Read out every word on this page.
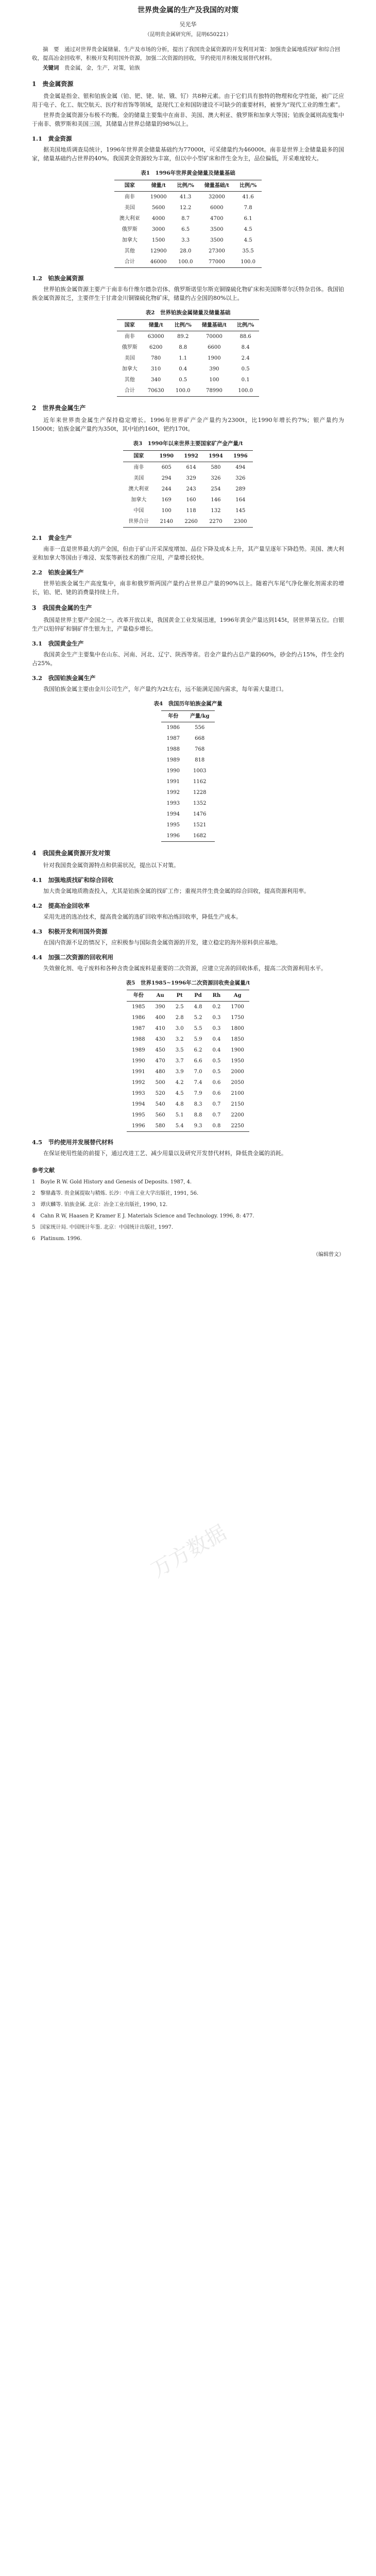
万方数据
世界贵金属的生产及我国的对策
吴光华
（昆明贵金属研究所，昆明650221）

摘　要　通过对世界贵金属储量、生产及市场的分析，提出了我国贵金属资源的开发利用对策：加强贵金属地质找矿和综合回收，提高冶金回收率，积极开发利用国外资源，加强二次资源的回收，节约使用并积极发展替代材料。

关键词　 贵金属，金，生产，对策，铂族

1　贵金属资源

贵金属是指金、银和铂族金属（铂、钯、铑、铱、锇、钌）共8种元素。由于它们具有独特的物理和化学性能，被广泛应用于电子、化工、航空航天、医疗和首饰等领域，是现代工业和国防建设不可缺少的重要材料，被誉为“现代工业的维生素”。

世界贵金属资源分布极不均衡。金的储量主要集中在南非、美国、澳大利亚、俄罗斯和加拿大等国；铂族金属则高度集中于南非、俄罗斯和美国三国，其储量占世界总储量的98%以上。

1.1　黄金资源

据美国地质调查局统计，1996年世界黄金储量基础约为77000t，可采储量约为46000t。南非是世界上金储量最多的国家，储量基础约占世界的40%。我国黄金资源较为丰富，但以中小型矿床和伴生金为主，品位偏低，开采难度较大。

表1　1996年世界黄金储量及储量基础
国家	储量/t	比例/%	储量基础/t	比例/%
南非	19000	41.3	32000	41.6
美国	5600	12.2	6000	7.8
澳大利亚	4000	8.7	4700	6.1
俄罗斯	3000	6.5	3500	4.5
加拿大	1500	3.3	3500	4.5
其他	12900	28.0	27300	35.5
合计	46000	100.0	77000	100.0
1.2　铂族金属资源

世界铂族金属资源主要产于南非布什维尔德杂岩体、俄罗斯诺里尔斯克铜镍硫化物矿床和美国斯蒂尔沃特杂岩体。我国铂族金属资源贫乏，主要伴生于甘肃金川铜镍硫化物矿床，储量约占全国的80%以上。

表2　世界铂族金属储量及储量基础
国家	储量/t	比例/%	储量基础/t	比例/%
南非	63000	89.2	70000	88.6
俄罗斯	6200	8.8	6600	8.4
美国	780	1.1	1900	2.4
加拿大	310	0.4	390	0.5
其他	340	0.5	100	0.1
合计	70630	100.0	78990	100.0
2　世界贵金属生产

近年来世界贵金属生产保持稳定增长。1996年世界矿产金产量约为2300t，比1990年增长约7%；银产量约为15000t；铂族金属产量约为350t，其中铂约160t，钯约170t。

表3　1990年以来世界主要国家矿产金产量/t
国家	1990	1992	1994	1996
南非	605	614	580	494
美国	294	329	326	326
澳大利亚	244	243	254	289
加拿大	169	160	146	164
中国	100	118	132	145
世界合计	2140	2260	2270	2300
2.1　黄金生产

南非一直是世界最大的产金国，但由于矿山开采深度增加、品位下降及成本上升，其产量呈逐年下降趋势。美国、澳大利亚和加拿大等国由于堆浸、炭浆等新技术的推广应用，产量增长较快。

2.2　铂族金属生产

世界铂族金属生产高度集中，南非和俄罗斯两国产量约占世界总产量的90%以上。随着汽车尾气净化催化剂需求的增长，铂、钯、铑的消费量持续上升。

3　我国贵金属的生产

我国是世界主要产金国之一。改革开放以来，我国黄金工业发展迅速，1996年黄金产量达到145t，居世界第五位。白银生产以铅锌矿和铜矿伴生银为主，产量稳步增长。

3.1　我国黄金生产

我国黄金生产主要集中在山东、河南、河北、辽宁、陕西等省。岩金产量约占总产量的60%，砂金约占15%，伴生金约占25%。

3.2　我国铂族金属生产

我国铂族金属主要由金川公司生产，年产量约为2t左右，远不能满足国内需求，每年需大量进口。

表4　我国历年铂族金属产量
年份	产量/kg
1986	556
1987	668
1988	768
1989	818
1990	1003
1991	1162
1992	1228
1993	1352
1994	1476
1995	1521
1996	1682
4　我国贵金属资源开发对策

针对我国贵金属资源特点和供需状况，提出以下对策。

4.1　加强地质找矿和综合回收

加大贵金属地质勘查投入，尤其是铂族金属的找矿工作；重视共伴生贵金属的综合回收，提高资源利用率。

4.2　提高冶金回收率

采用先进的选冶技术，提高贵金属的选矿回收率和冶炼回收率，降低生产成本。

4.3　积极开发利用国外资源

在国内资源不足的情况下，应积极参与国际贵金属资源的开发，建立稳定的海外原料供应基地。

4.4　加强二次资源的回收利用

失效催化剂、电子废料和各种含贵金属废料是重要的二次资源，应建立完善的回收体系，提高二次资源利用水平。

表5　世界1985~1996年二次资源回收贵金属量/t
年份	Au	Pt	Pd	Rh	Ag
1985	390	2.5	4.8	0.2	1700
1986	400	2.8	5.2	0.3	1750
1987	410	3.0	5.5	0.3	1800
1988	430	3.2	5.9	0.4	1850
1989	450	3.5	6.2	0.4	1900
1990	470	3.7	6.6	0.5	1950
1991	480	3.9	7.0	0.5	2000
1992	500	4.2	7.4	0.6	2050
1993	520	4.5	7.9	0.6	2100
1994	540	4.8	8.3	0.7	2150
1995	560	5.1	8.8	0.7	2200
1996	580	5.4	9.3	0.8	2250
4.5　节约使用并发展替代材料

在保证使用性能的前提下，通过改进工艺、减少用量以及研究开发替代材料，降低贵金属的消耗。

参考文献
1　Boyle R W. Gold History and Genesis of Deposits. 1987, 4.
2　黎鼎鑫等. 贵金属提取与精炼. 长沙：中南工业大学出版社, 1991, 56.
3　谭庆麟等. 铂族金属. 北京：冶金工业出版社, 1990, 12.
4　Cahn R W, Haasen P, Kramer E J. Materials Science and Technology. 1996, 8: 477.
5　国家统计局. 中国统计年鉴. 北京：中国统计出版社, 1997.
6　Platinum. 1996.
（编辑曾文）
